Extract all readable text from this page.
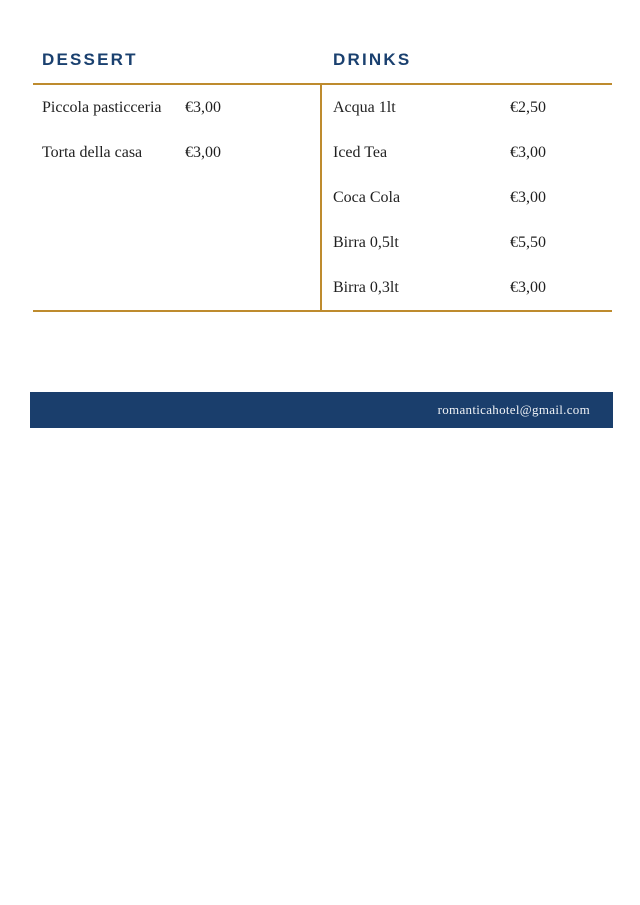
DESSERT	DRINKS
Piccola pasticceria €3,00
Torta della casa	€3,00
Acqua 1lt	€2,50
Iced Tea	€3,00
Coca Cola	€3,00
Birra 0,5lt	€5,50
Birra 0,3lt	€3,00
romanticahotel@gmail.com
